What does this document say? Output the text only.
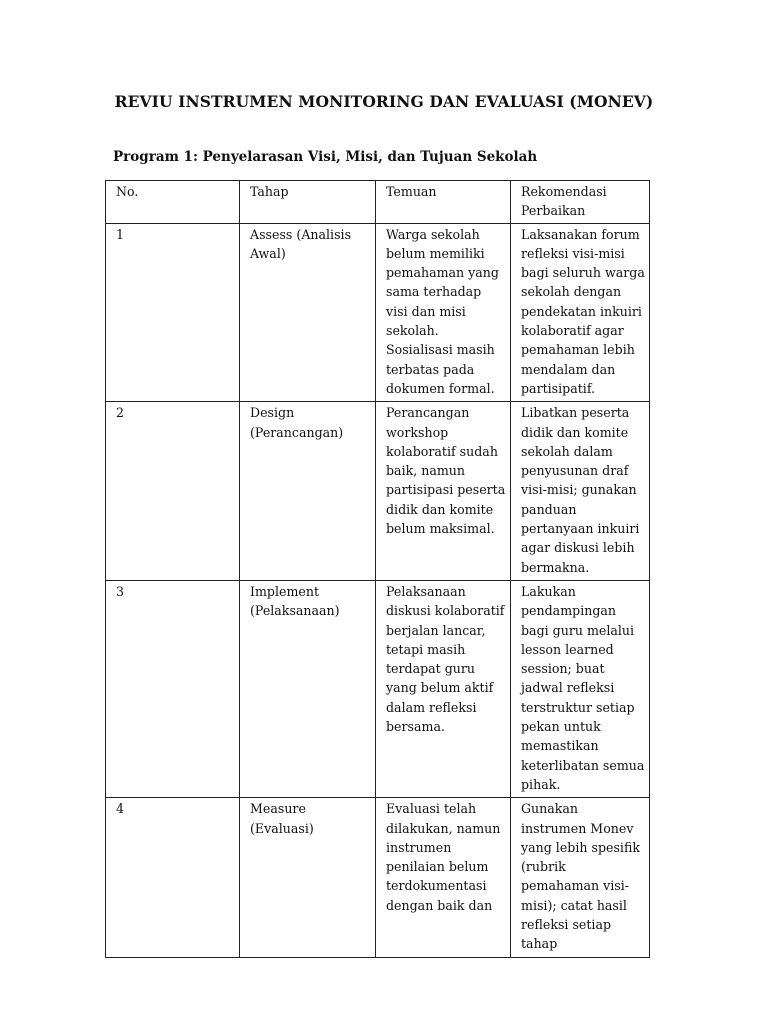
REVIU INSTRUMEN MONITORING DAN EVALUASI (MONEV)
Program 1: Penyelarasan Visi, Misi, dan Tujuan Sekolah
No.	Tahap	Temuan	Rekomendasi Perbaikan

1	Assess (Analisis Awal)	Warga sekolah belum memiliki pemahaman yang sama terhadap visi dan misi sekolah. Sosialisasi masih terbatas pada dokumen formal.	Laksanakan forum refleksi visi-misi bagi seluruh warga sekolah dengan pendekatan inkuiri kolaboratif agar pemahaman lebih mendalam dan partisipatif.

2	Design (Perancangan)	Perancangan workshop kolaboratif sudah baik, namun partisipasi peserta didik dan komite belum maksimal.	Libatkan peserta didik dan komite sekolah dalam penyusunan draf visi-misi; gunakan panduan pertanyaan inkuiri agar diskusi lebih bermakna.

3	Implement (Pelaksanaan)	Pelaksanaan diskusi kolaboratif berjalan lancar, tetapi masih terdapat guru yang belum aktif dalam refleksi bersama.	Lakukan pendampingan bagi guru melalui lesson learned session; buat jadwal refleksi terstruktur setiap pekan untuk memastikan keterlibatan semua pihak.

4	Measure (Evaluasi)	Evaluasi telah dilakukan, namun instrumen penilaian belum terdokumentasi dengan baik dan	Gunakan instrumen Monev yang lebih spesifik (rubrik pemahaman visi-misi); catat hasil refleksi setiap tahap
